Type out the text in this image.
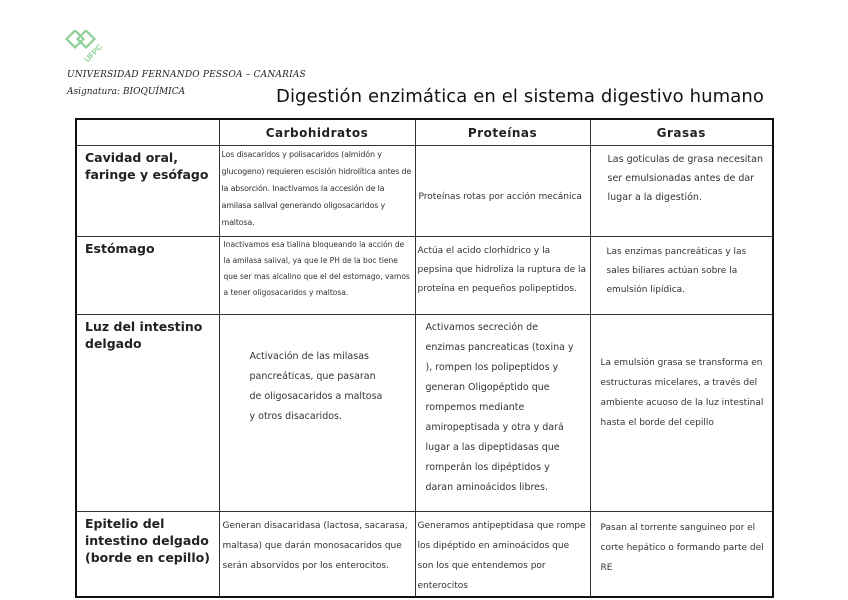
UFPC
UNIVERSIDAD FERNANDO PESSOA – CANARIAS
Asignatura: BIOQUÍMICA	Digestión enzimática en el sistema digestivo humano
	Carbohidratos	Proteínas	Grasas
Cavidad oral, faringe y esófago	Los disacaridos y polisacaridos (almidón y glucogeno) requieren escisión hidrolítica antes de la absorción. Inactivamos la accesión de la amilasa salival generando oligosacaridos y maltosa.	Proteínas rotas por acción mecánica	Las goticulas de grasa necesitan ser emulsionadas antes de dar lugar a la digestión.
Estómago	Inactivamos esa tialina bloqueando la acción de la amilasa salival, ya que le PH de la boc tiene que ser mas alcalino que el del estomago, vamos a tener oligosacaridos y maltosa.	Actúa el acido clorhidrico y la pepsina que hidroliza la ruptura de la proteína en pequeños polipeptidos.	Las enzimas pancreáticas y las sales biliares actúan sobre la emulsión lipídica.
Luz del intestino delgado	Activación de las milasas pancreáticas, que pasaran de oligosacaridos a maltosa y otros disacaridos.	Activamos secreción de enzimas pancreaticas (toxina y ), rompen los polipeptidos y generan Oligopéptido que rompemos mediante amiropeptisada y otra y dará lugar a las dipeptidasas que romperán los dipéptidos y daran aminoácidos libres.	La emulsión grasa se transforma en estructuras micelares, a través del ambiente acuoso de la luz intestinal hasta el borde del cepillo
Epitelio del intestino delgado (borde en cepillo)	Generan disacaridasa (lactosa, sacarasa, maltasa) que darán monosacaridos que serán absorvidos por los enterocitos.	Generamos antipeptidasa que rompe los dipéptido en aminoácidos que son los que entendemos por enterocitos	Pasan al torrente sanguineo por el corte hepático o formando parte del RE
